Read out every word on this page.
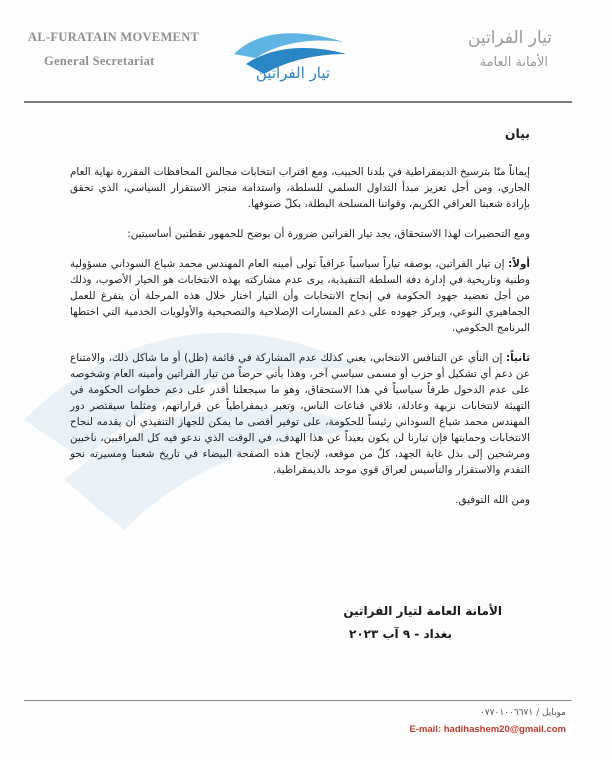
AL-FURATAIN MOVEMENT
General Secretariat
تيار الفراتين
تيار الفراتين
الأمانة العامة

بيان

إيماناً منّا بترسيخ الديمقراطية في بلدنا الحبيب، ومع اقتراب انتخابات مجالس المحافظات المقررة نهاية العام الجاري، ومن أجل تعزيز مبدأ التداول السلمي للسلطة، واستدامة منجز الاستقرار السياسي، الذي تحقق بإرادة شعبنا العراقي الكريم، وقواتنا المسلحة البطلة، بكلّ صنوفها.

ومع التحضيرات لهذا الاستحقاق، يجد تيار الفراتين ضرورة أن يوضح للجمهور نقطتين أساسيتين:

أولاً: إن تيار الفراتين، بوصفه تياراً سياسياً عراقياً تولى أمينه العام المهندس محمد شياع السوداني مسؤولية وطنية وتاريخية في إدارة دفة السلطة التنفيذية، يرى عدم مشاركته بهذه الانتخابات هو الخيار الأصوب، وذلك من أجل تعضيد جهود الحكومة في إنجاح الانتخابات وأن التيار اختار خلال هذه المرحلة أن يتفرغ للعمل الجماهيري النوعي، ويركز جهوده على دعم المسارات الإصلاحية والتصحيحية والأولويات الخدمية التي اختطها البرنامج الحكومي.

ثانياً: إن النأي عن التنافس الانتخابي، يعني كذلك عدم المشاركة في قائمة (ظل) أو ما شاكل ذلك، والامتناع عن دعم أي تشكيل أو حزب أو مسمى سياسي آخر، وهذا يأتي حرصاً من تيار الفراتين وأمينه العام وشخوصه على عدم الدخول طرفاً سياسياً في هذا الاستحقاق، وهو ما سيجعلنا أقدر على دعم خطوات الحكومة في التهيئة لانتخابات نزيهة وعادلة، تلاقي قناعات الناس، وتعبر ديمقراطياً عن قراراتهم، ومثلما سيقتصر دور المهندس محمد شياع السوداني رئيساً للحكومة، على توفير أقصى ما يمكن للجهاز التنفيذي أن يقدمه لنجاح الانتخابات وحمايتها فإن تيارنا لن يكون بعيداً عن هذا الهدف، في الوقت الذي ندعو فيه كل المراقبين، ناخبين ومرشحين إلى بذل غاية الجهد، كلٌ من موقعه، لإنجاح هذه الصفحة البيضاء في تاريخ شعبنا ومسيرته نحو التقدم والاستقرار والتأسيس لعراق قوي موحد بالديمقراطية.

ومن الله التوفيق.

الأمانة العامة لتيار الفراتين
بغداد - ٩ آب ٢٠٢٣
موبايل / ٠٧٧٠١٠٠٦٦٧١
E-mail: hadihashem20@gmail.com
